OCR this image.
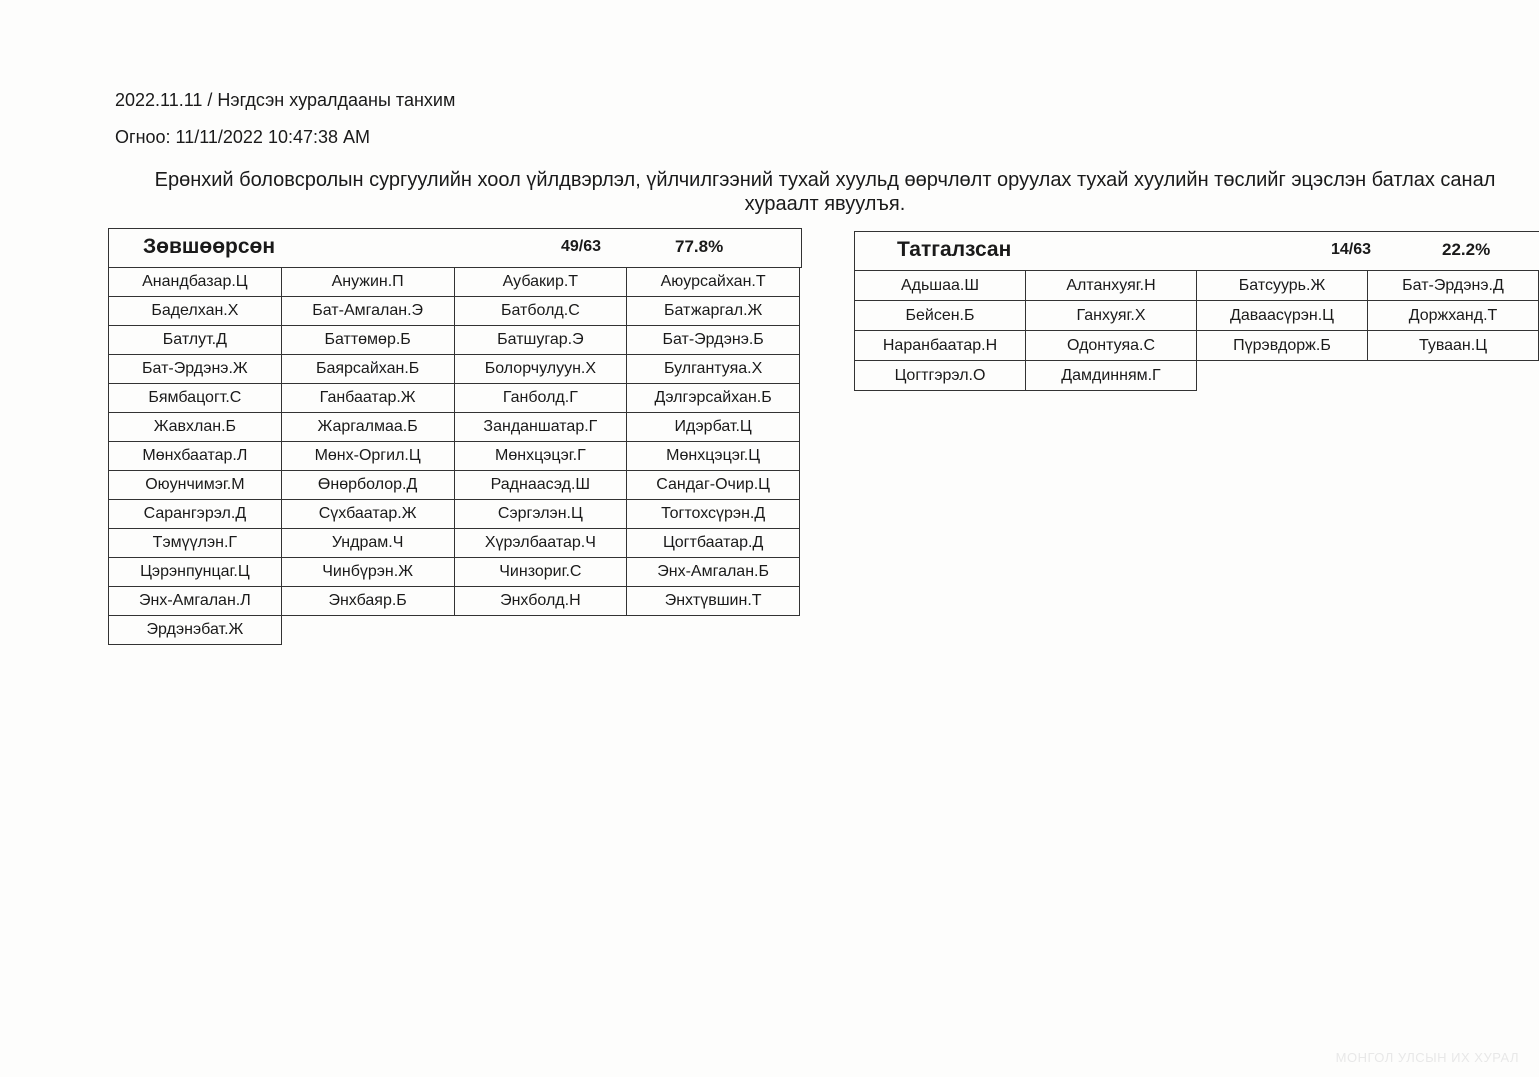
2022.11.11 / Нэгдсэн хуралдааны танхим
Огноо: 11/11/2022 10:47:38 AM
Ерөнхий боловсролын сургуулийн хоол үйлдвэрлэл, үйлчилгээний тухай хуульд өөрчлөлт оруулах тухай хуулийн төслийг эцэслэн батлах санал хураалт явуулъя.
Зөвшөөрсөн	49/63	77.8%
Анандбазар.Ц	Анужин.П	Аубакир.Т	Аюурсайхан.Т
Баделхан.Х	Бат-Амгалан.Э	Батболд.С	Батжаргал.Ж
Батлут.Д	Баттөмөр.Б	Батшугар.Э	Бат-Эрдэнэ.Б
Бат-Эрдэнэ.Ж	Баярсайхан.Б	Болорчулуун.Х	Булгантуяа.Х
Бямбацогт.С	Ганбаатар.Ж	Ганболд.Г	Дэлгэрсайхан.Б
Жавхлан.Б	Жаргалмаа.Б	Занданшатар.Г	Идэрбат.Ц
Мөнхбаатар.Л	Мөнх-Оргил.Ц	Мөнхцэцэг.Г	Мөнхцэцэг.Ц
Оюунчимэг.М	Өнөрболор.Д	Раднаасэд.Ш	Сандаг-Очир.Ц
Сарангэрэл.Д	Сүхбаатар.Ж	Сэргэлэн.Ц	Тогтохсүрэн.Д
Тэмүүлэн.Г	Ундрам.Ч	Хүрэлбаатар.Ч	Цогтбаатар.Д
Цэрэнпунцаг.Ц	Чинбүрэн.Ж	Чинзориг.С	Энх-Амгалан.Б
Энх-Амгалан.Л	Энхбаяр.Б	Энхболд.Н	Энхтүвшин.Т
Эрдэнэбат.Ж			
Татгалзсан	14/63	22.2%
Адьшаа.Ш	Алтанхуяг.Н	Батсуурь.Ж	Бат-Эрдэнэ.Д
Бейсен.Б	Ганхуяг.Х	Даваасүрэн.Ц	Доржханд.Т
Наранбаатар.Н	Одонтуяа.С	Пүрэвдорж.Б	Туваан.Ц
Цогтгэрэл.О	Дамдинням.Г		
МОНГОЛ УЛСЫН ИХ ХУРАЛ
